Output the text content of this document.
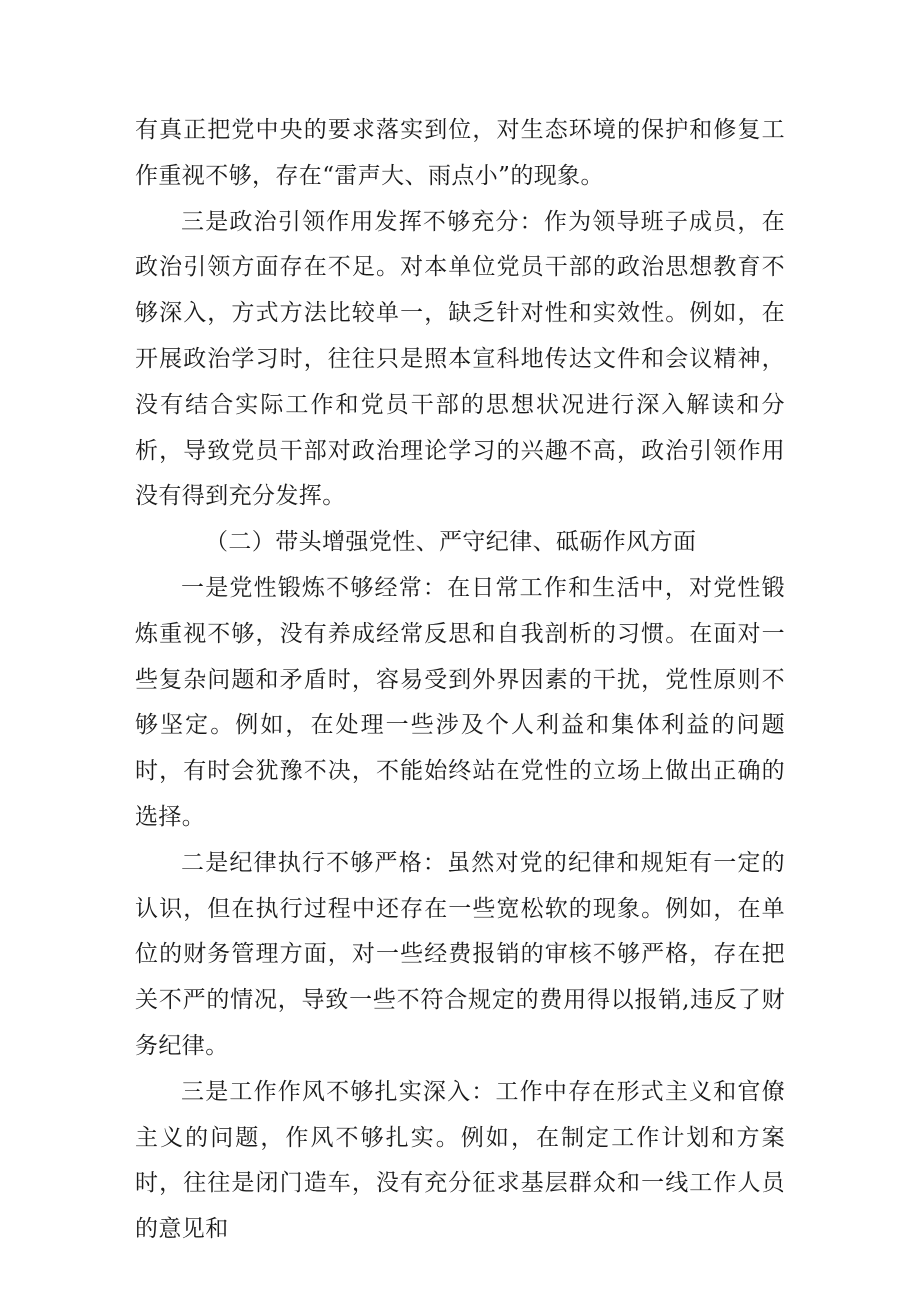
有真正把党中央的要求落实到位，对生态环境的保护和修复工作重视不够，存在“雷声大、雨点小”的现象。

三是政治引领作用发挥不够充分：作为领导班子成员，在政治引领方面存在不足。对本单位党员干部的政治思想教育不够深入，方式方法比较单一，缺乏针对性和实效性。例如，在开展政治学习时，往往只是照本宣科地传达文件和会议精神，没有结合实际工作和党员干部的思想状况进行深入解读和分析，导致党员干部对政治理论学习的兴趣不高，政治引领作用没有得到充分发挥。

（二）带头增强党性、严守纪律、砥砺作风方面

一是党性锻炼不够经常：在日常工作和生活中，对党性锻炼重视不够，没有养成经常反思和自我剖析的习惯。在面对一些复杂问题和矛盾时，容易受到外界因素的干扰，党性原则不够坚定。例如，在处理一些涉及个人利益和集体利益的问题时，有时会犹豫不决，不能始终站在党性的立场上做出正确的选择。

二是纪律执行不够严格：虽然对党的纪律和规矩有一定的认识，但在执行过程中还存在一些宽松软的现象。例如，在单位的财务管理方面，对一些经费报销的审核不够严格，存在把关不严的情况，导致一些不符合规定的费用得以报销,违反了财务纪律。

三是工作作风不够扎实深入：工作中存在形式主义和官僚主义的问题，作风不够扎实。例如，在制定工作计划和方案时，往往是闭门造车，没有充分征求基层群众和一线工作人员的意见和
